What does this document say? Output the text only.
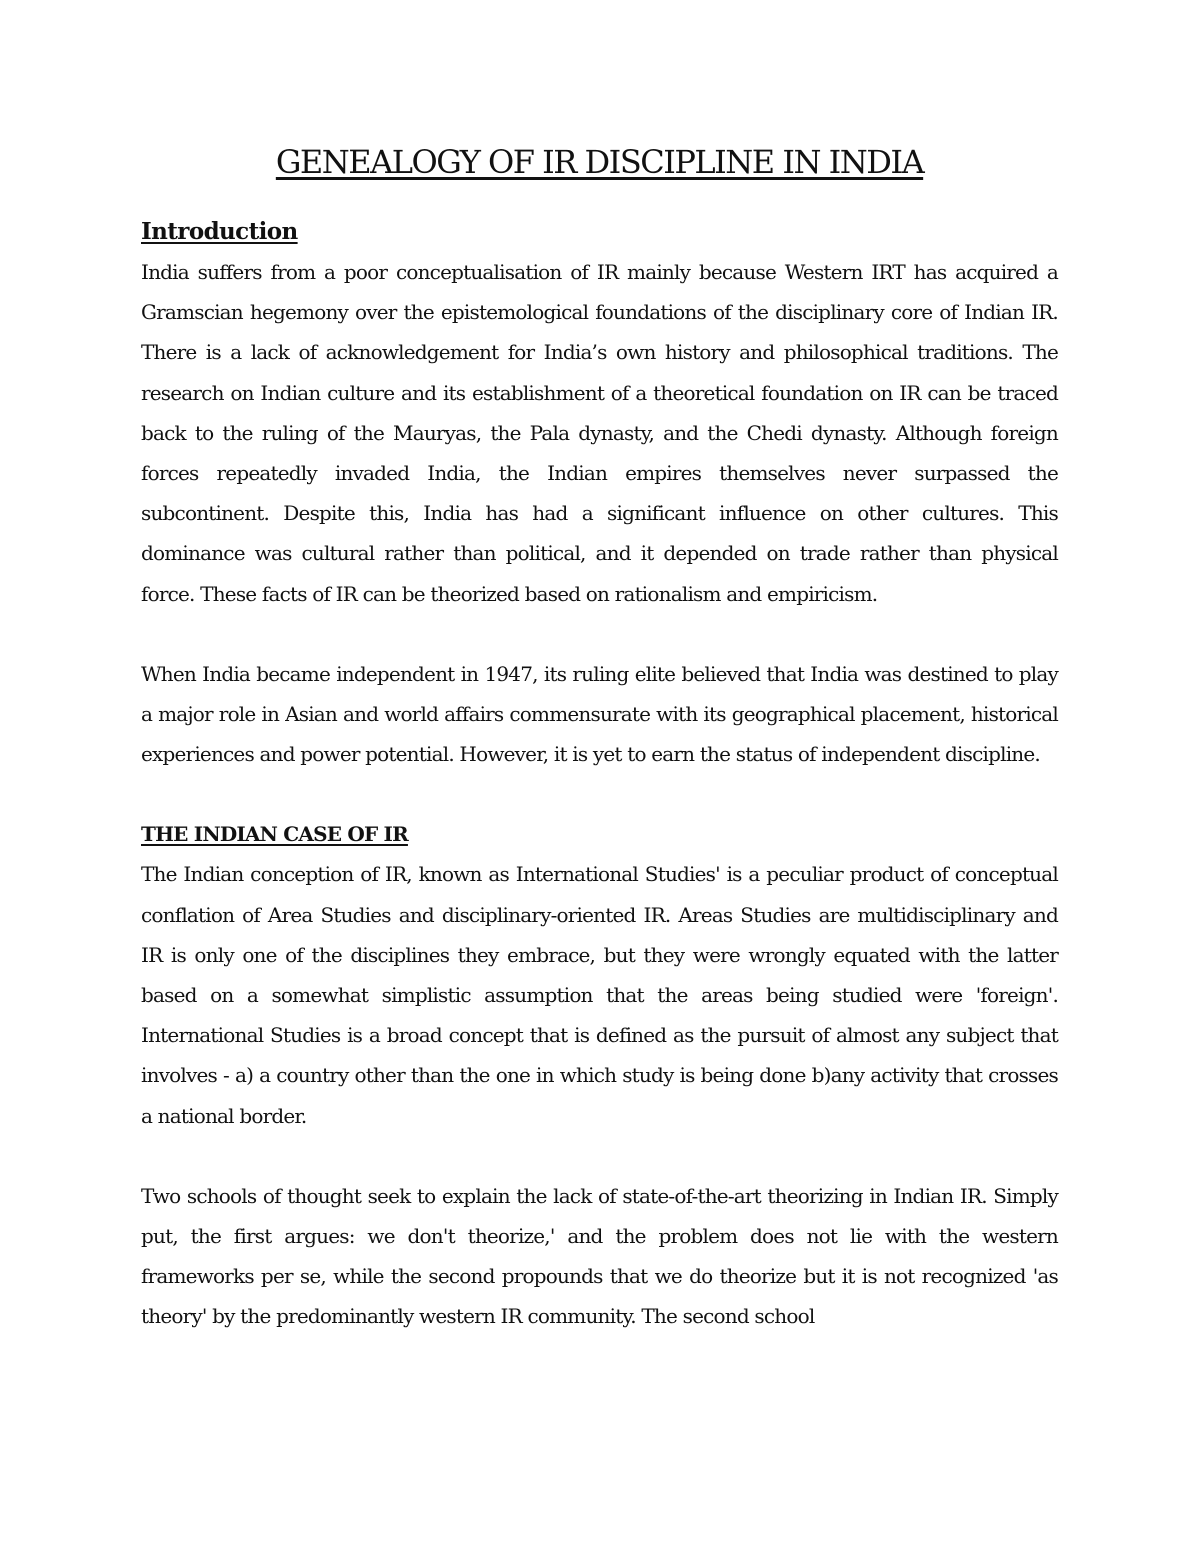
GENEALOGY OF IR DISCIPLINE IN INDIA
Introduction

India suffers from a poor conceptualisation of IR mainly because Western IRT has acquired a Gramscian hegemony over the epistemological foundations of the disciplinary core of Indian IR. There is a lack of acknowledgement for India’s own history and philosophical traditions. The research on Indian culture and its establishment of a theoretical foundation on IR can be traced back to the ruling of the Mauryas, the Pala dynasty, and the Chedi dynasty. Although foreign forces repeatedly invaded India, the Indian empires themselves never surpassed the subcontinent. Despite this, India has had a significant influence on other cultures. This dominance was cultural rather than political, and it depended on trade rather than physical force. These facts of IR can be theorized based on rationalism and empiricism.

When India became independent in 1947, its ruling elite believed that India was destined to play a major role in Asian and world affairs commensurate with its geographical placement, historical experiences and power potential. However, it is yet to earn the status of independent discipline.

THE INDIAN CASE OF IR

The Indian conception of IR, known as International Studies' is a peculiar product of conceptual conflation of Area Studies and disciplinary-oriented IR. Areas Studies are multidisciplinary and IR is only one of the disciplines they embrace, but they were wrongly equated with the latter based on a somewhat simplistic assumption that the areas being studied were 'foreign'. International Studies is a broad concept that is defined as the pursuit of almost any subject that involves - a) a country other than the one in which study is being done b)any activity that crosses a national border.

Two schools of thought seek to explain the lack of state-of-the-art theorizing in Indian IR. Simply put, the first argues: we don't theorize,' and the problem does not lie with the western frameworks per se, while the second propounds that we do theorize but it is not recognized 'as theory' by the predominantly western IR community. The second school
